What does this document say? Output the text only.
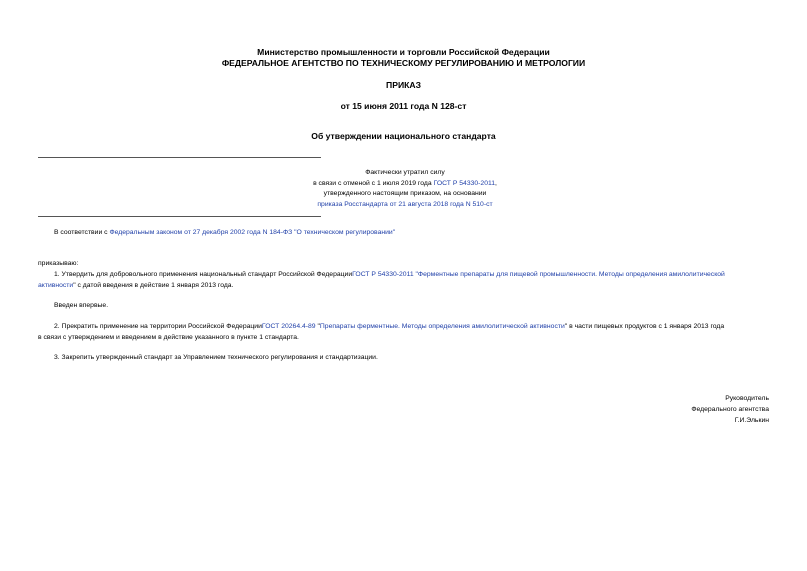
Министерство промышленности и торговли Российской Федерации
ФЕДЕРАЛЬНОЕ АГЕНТСТВО ПО ТЕХНИЧЕСКОМУ РЕГУЛИРОВАНИЮ И МЕТРОЛОГИИ
ПРИКАЗ
от 15 июня 2011 года N 128-ст
Об утверждении национального стандарта
Фактически утратил силу
в связи с отменой с 1 июля 2019 года ГОСТ Р 54330-2011,
утвержденного настоящим приказом, на основании
приказа Росстандарта от 21 августа 2018 года N 510-ст
В соответствии с Федеральным законом от 27 декабря 2002 года N 184-ФЗ "О техническом регулировании"
приказываю:
1. Утвердить для добровольного применения национальный стандарт Российской ФедерацииГОСТ Р 54330-2011 "Ферментные препараты для пищевой промышленности. Методы определения амилолитической
активности" с датой введения в действие 1 января 2013 года.
Введен впервые.
2. Прекратить применение на территории Российской ФедерацииГОСТ 20264.4-89 "Препараты ферментные. Методы определения амилолитической активности" в части пищевых продуктов с 1 января 2013 года
в связи с утверждением и введением в действие указанного в пункте 1 стандарта.
3. Закрепить утвержденный стандарт за Управлением технического регулирования и стандартизации.
Руководитель
Федерального агентства
Г.И.Элькин
